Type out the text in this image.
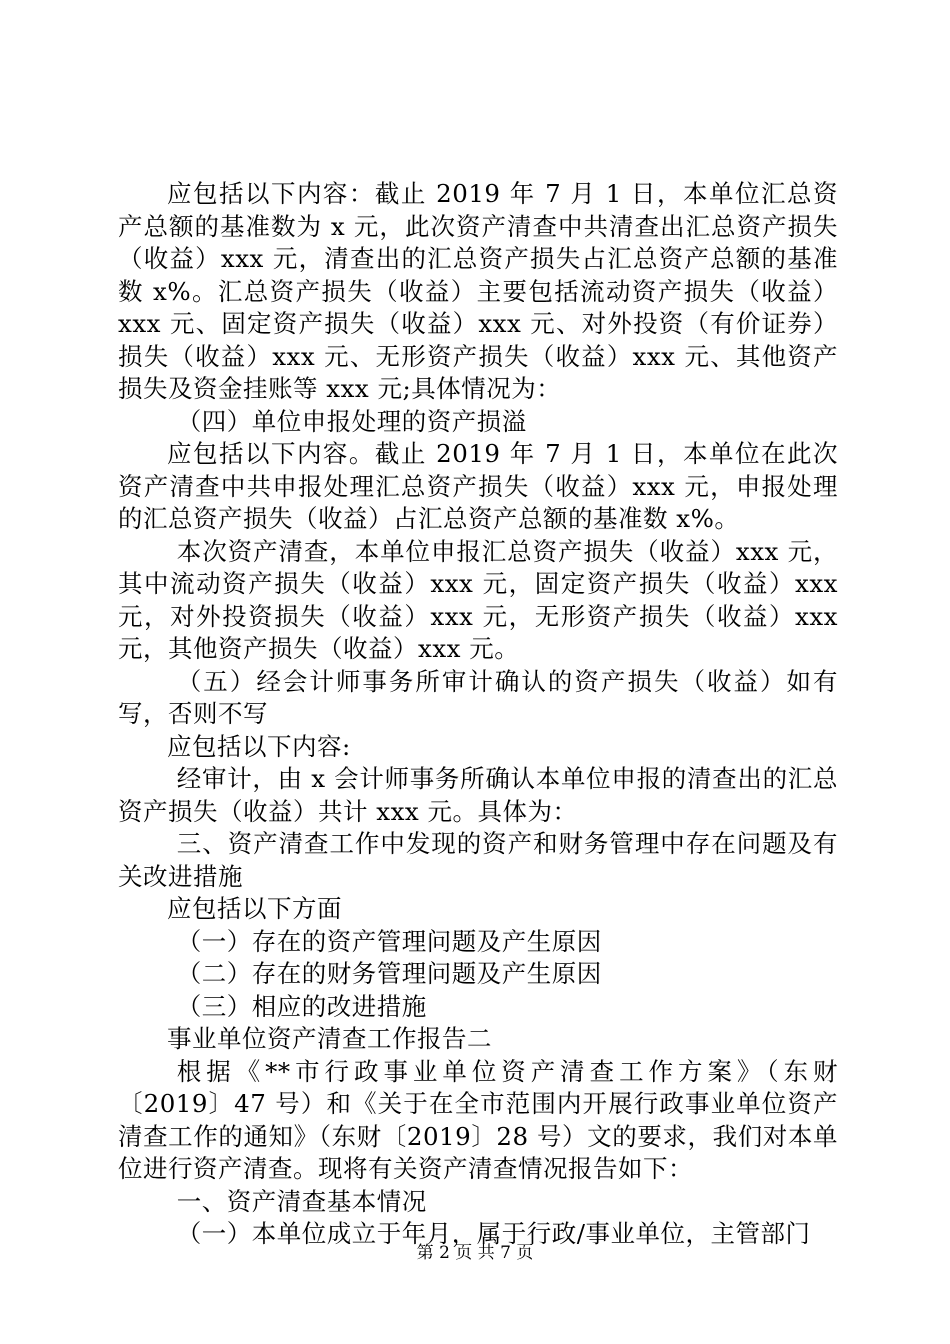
应包括以下内容：截止 2019 年 7 月 1 日，本单位汇总资产总额的基准数为 x 元，此次资产清查中共清查出汇总资产损失（收益）xxx 元，清查出的汇总资产损失占汇总资产总额的基准数 x%。汇总资产损失（收益）主要包括流动资产损失（收益）xxx 元、固定资产损失（收益）xxx 元、对外投资（有价证券）损失（收益）xxx 元、无形资产损失（收益）xxx 元、其他资产损失及资金挂账等 xxx 元;具体情况为：

（四）单位申报处理的资产损溢

应包括以下内容。截止 2019 年 7 月 1 日，本单位在此次资产清查中共申报处理汇总资产损失（收益）xxx 元，申报处理的汇总资产损失（收益）占汇总资产总额的基准数 x%。

本次资产清查，本单位申报汇总资产损失（收益）xxx 元，其中流动资产损失（收益）xxx 元，固定资产损失（收益）xxx 元，对外投资损失（收益）xxx 元，无形资产损失（收益）xxx 元，其他资产损失（收益）xxx 元。

（五）经会计师事务所审计确认的资产损失（收益）如有写，否则不写

应包括以下内容:

经审计，由 x 会计师事务所确认本单位申报的清查出的汇总资产损失（收益）共计 xxx 元。具体为：

三、资产清查工作中发现的资产和财务管理中存在问题及有关改进措施

应包括以下方面

（一）存在的资产管理问题及产生原因

（二）存在的财务管理问题及产生原因

（三）相应的改进措施

事业单位资产清查工作报告二

根据《**市行政事业单位资产清查工作方案》（东财〔2019〕47 号）和《关于在全市范围内开展行政事业单位资产清查工作的通知》（东财〔2019〕28 号）文的要求，我们对本单位进行资产清查。现将有关资产清查情况报告如下：

一、资产清查基本情况

（一）本单位成立于年月，属于行政/事业单位，主管部门

第 2 页 共 7 页
